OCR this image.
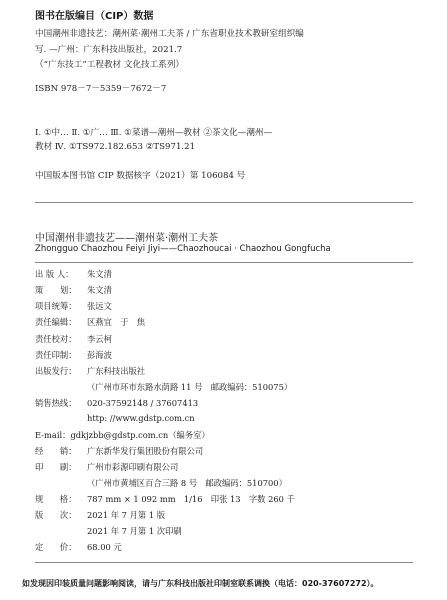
图书在版编目（CIP）数据
中国潮州非遗技艺：潮州菜·潮州工夫茶 / 广东省职业技术教研室组织编
写. —广州：广东科技出版社，2021.7
（“广东技工”工程教材 文化技工系列）
ISBN 978－7－5359－7672－7
Ⅰ. ①中… Ⅱ. ①广… Ⅲ. ①菜谱—潮州—教材 ②茶文化—潮州—
教材 Ⅳ. ①TS972.182.653 ②TS971.21
中国版本图书馆 CIP 数据核字（2021）第 106084 号
中国潮州非遗技艺——潮州菜·潮州工夫茶
Zhongguo Chaozhou Feiyi Jiyi——Chaozhoucai · Chaozhou Gongfucha
出 版 人： 朱文清
策　　划： 朱文清
项目统筹： 张远文
责任编辑： 区燕宜　于　焦
责任校对： 李云柯
责任印制： 彭海波
出版发行： 广东科技出版社
（广州市环市东路水荫路 11 号　邮政编码：510075）
销售热线： 020-37592148 / 37607413
http: //www.gdstp.com.cn
E-mail：gdkjzbb@gdstp.com.cn（编务室）
经　　销： 广东新华发行集团股份有限公司
印　　刷： 广州市彩源印刷有限公司
（广州市黄埔区百合三路 8 号　邮政编码：510700）
规　　格： 787 mm × 1 092 mm　1/16　印张 13　字数 260 千
版　　次： 2021 年 7 月第 1 版
2021 年 7 月第 1 次印刷
定　　价： 68.00 元
如发现因印装质量问题影响阅读，请与广东科技出版社印制室联系调换（电话：020-37607272）。
